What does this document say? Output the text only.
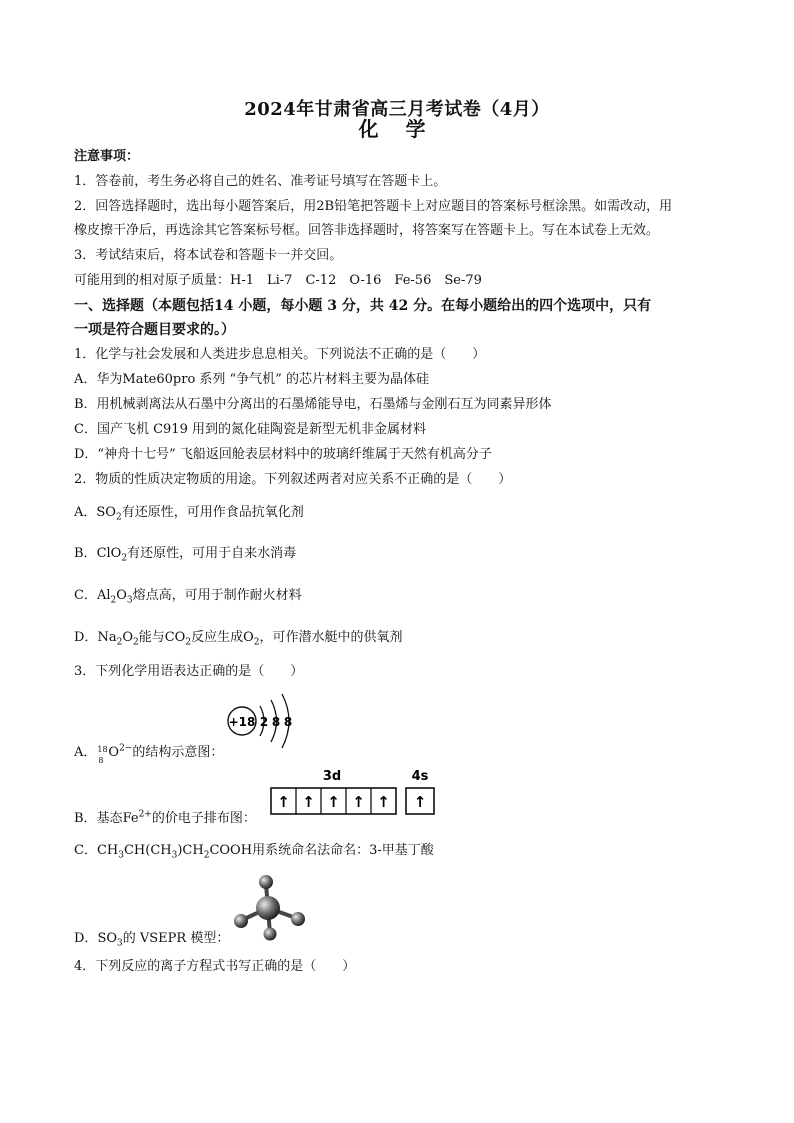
2024年甘肃省高三月考试卷（4月）
化 学
注意事项：
1．答卷前，考生务必将自己的姓名、准考证号填写在答题卡上。
2．回答选择题时，选出每小题答案后，用2B铅笔把答题卡上对应题目的答案标号框涂黑。如需改动，用
橡皮擦干净后，再选涂其它答案标号框。回答非选择题时，将答案写在答题卡上。写在本试卷上无效。
3．考试结束后，将本试卷和答题卡一并交回。
可能用到的相对原子质量：H-1　Li-7　C-12　O-16　Fe-56　Se-79
一、选择题（本题包括14 小题，每小题 3 分，共 42 分。在每小题给出的四个选项中，只有
一项是符合题目要求的。）
1．化学与社会发展和人类进步息息相关。下列说法不正确的是（　　）
A．华为Mate60pro 系列 “争气机” 的芯片材料主要为晶体硅
B．用机械剥离法从石墨中分离出的石墨烯能导电，石墨烯与金刚石互为同素异形体
C．国产飞机 C919 用到的氮化硅陶瓷是新型无机非金属材料
D．“神舟十七号” 飞船返回舱表层材料中的玻璃纤维属于天然有机高分子
2．物质的性质决定物质的用途。下列叙述两者对应关系不正确的是（　　）
A．$SO_2$有还原性，可用作食品抗氧化剂
B．ClO$_2$有还原性，可用于自来水消毒
C．$Al_2O_3$熔点高，可用于制作耐火材料
D．$Na_2O_2$能与$CO_2$反应生成$O_2$，可作潜水艇中的供氧剂
3．下列化学用语表达正确的是（　　）
+18 2 8 8
A． 18
8 $O^{2-}$的结构示意图：
3d	4s
↑ ↑ ↑ ↑ ↑ ↑
B．基态$Fe^{2+}$的价电子排布图：
C．$CH_3CH(CH_3)CH_2COOH$用系统命名法命名：3-甲基丁酸
D．$SO_3$的 VSEPR 模型：
4．下列反应的离子方程式书写正确的是（　　）
